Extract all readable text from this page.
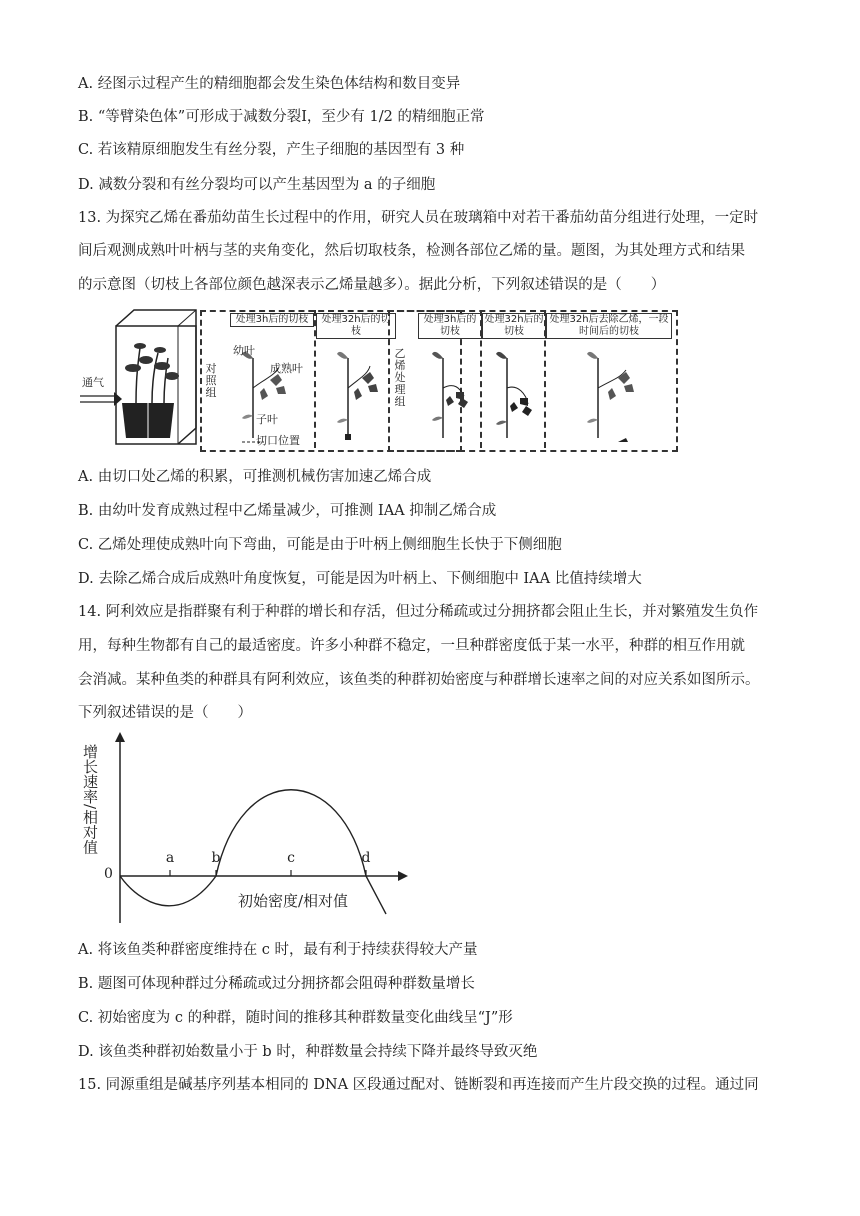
A. 经图示过程产生的精细胞都会发生染色体结构和数目变异
B. “等臂染色体”可形成于减数分裂Ⅰ，至少有 1/2 的精细胞正常
C. 若该精原细胞发生有丝分裂，产生子细胞的基因型有 3 种
D. 减数分裂和有丝分裂均可以产生基因型为 a 的子细胞
13. 为探究乙烯在番茄幼苗生长过程中的作用，研究人员在玻璃箱中对若干番茄幼苗分组进行处理，一定时
间后观测成熟叶叶柄与茎的夹角变化，然后切取枝条，检测各部位乙烯的量。题图，为其处理方式和结果
的示意图（切枝上各部位颜色越深表示乙烯量越多）。据此分析，下列叙述错误的是（　　）
通气
对照组
处理3h后的切枝	处理32h后的切枝
幼叶
成熟叶
子叶
切口位置
乙烯处理组
处理3h后的切枝
处理32h后的切枝
处理32h后去除乙烯，一段时间后的切枝
A. 由切口处乙烯的积累，可推测机械伤害加速乙烯合成
B. 由幼叶发育成熟过程中乙烯量减少，可推测 IAA 抑制乙烯合成
C. 乙烯处理使成熟叶向下弯曲，可能是由于叶柄上侧细胞生长快于下侧细胞
D. 去除乙烯合成后成熟叶角度恢复，可能是因为叶柄上、下侧细胞中 IAA 比值持续增大
14. 阿利效应是指群聚有利于种群的增长和存活，但过分稀疏或过分拥挤都会阻止生长，并对繁殖发生负作
用，每种生物都有自己的最适密度。许多小种群不稳定，一旦种群密度低于某一水平，种群的相互作用就
会消减。某种鱼类的种群具有阿利效应，该鱼类的种群初始密度与种群增长速率之间的对应关系如图所示。
下列叙述错误的是（　　）
a	b	c	d
增长速率/相对值
初始密度/相对值
0
A. 将该鱼类种群密度维持在 c 时，最有利于持续获得较大产量
B. 题图可体现种群过分稀疏或过分拥挤都会阻碍种群数量增长
C. 初始密度为 c 的种群，随时间的推移其种群数量变化曲线呈“J”形
D. 该鱼类种群初始数量小于 b 时，种群数量会持续下降并最终导致灭绝
15. 同源重组是碱基序列基本相同的 DNA 区段通过配对、链断裂和再连接而产生片段交换的过程。通过同
